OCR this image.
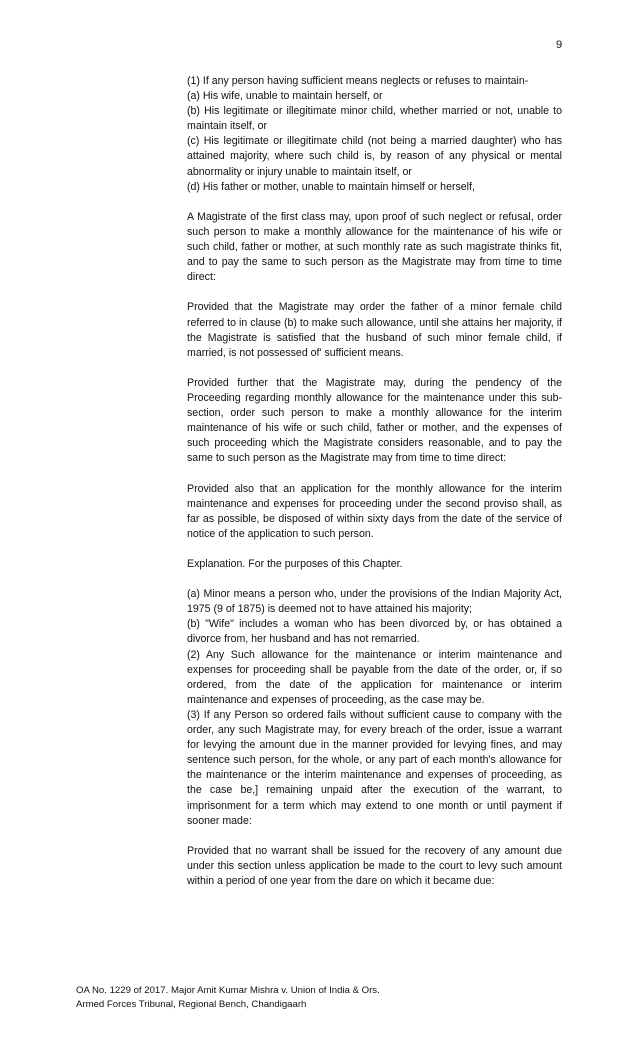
9

(1) If any person having sufficient means neglects or refuses to maintain-

(a) His wife, unable to maintain herself, or

(b) His legitimate or illegitimate minor child, whether married or not, unable to maintain itself, or

(c) His legitimate or illegitimate child (not being a married daughter) who has attained majority, where such child is, by reason of any physical or mental abnormality or injury unable to maintain itself, or

(d) His father or mother, unable to maintain himself or herself,

A Magistrate of the first class may, upon proof of such neglect or refusal, order such person to make a monthly allowance for the maintenance of his wife or such child, father or mother, at such monthly rate as such magistrate thinks fit, and to pay the same to such person as the Magistrate may from time to time direct:

Provided that the Magistrate may order the father of a minor female child referred to in clause (b) to make such allowance, until she attains her majority, if the Magistrate is satisfied that the husband of such minor female child, if married, is not possessed of' sufficient means.

Provided further that the Magistrate may, during the pendency of the Proceeding regarding monthly allowance for the maintenance under this sub-section, order such person to make a monthly allowance for the interim maintenance of his wife or such child, father or mother, and the expenses of such proceeding which the Magistrate considers reasonable, and to pay the same to such person as the Magistrate may from time to time direct:

Provided also that an application for the monthly allowance for the interim maintenance and expenses for proceeding under the second proviso shall, as far as possible, be disposed of within sixty days from the date of the service of notice of the application to such person.

Explanation. For the purposes of this Chapter.

(a) Minor means a person who, under the provisions of the Indian Majority Act, 1975 (9 of 1875) is deemed not to have attained his majority;

(b) "Wife" includes a woman who has been divorced by, or has obtained a divorce from, her husband and has not remarried.

(2) Any Such allowance for the maintenance or interim maintenance and expenses for proceeding shall be payable from the date of the order, or, if so ordered, from the date of the application for maintenance or interim maintenance and expenses of proceeding, as the case may be.

(3) If any Person so ordered fails without sufficient cause to company with the order, any such Magistrate may, for every breach of the order, issue a warrant for levying the amount due in the manner provided for levying fines, and may sentence such person, for the whole, or any part of each month's allowance for the maintenance or the interim maintenance and expenses of proceeding, as the case be,] remaining unpaid after the execution of the warrant, to imprisonment for a term which may extend to one month or until payment if sooner made:

Provided that no warrant shall be issued for the recovery of any amount due under this section unless application be made to the court to levy such amount within a period of one year from the dare on which it became due:

OA No. 1229 of 2017. Major Amit Kumar Mishra v. Union of India & Ors.
Armed Forces Tribunal, Regional Bench, Chandigaarh
